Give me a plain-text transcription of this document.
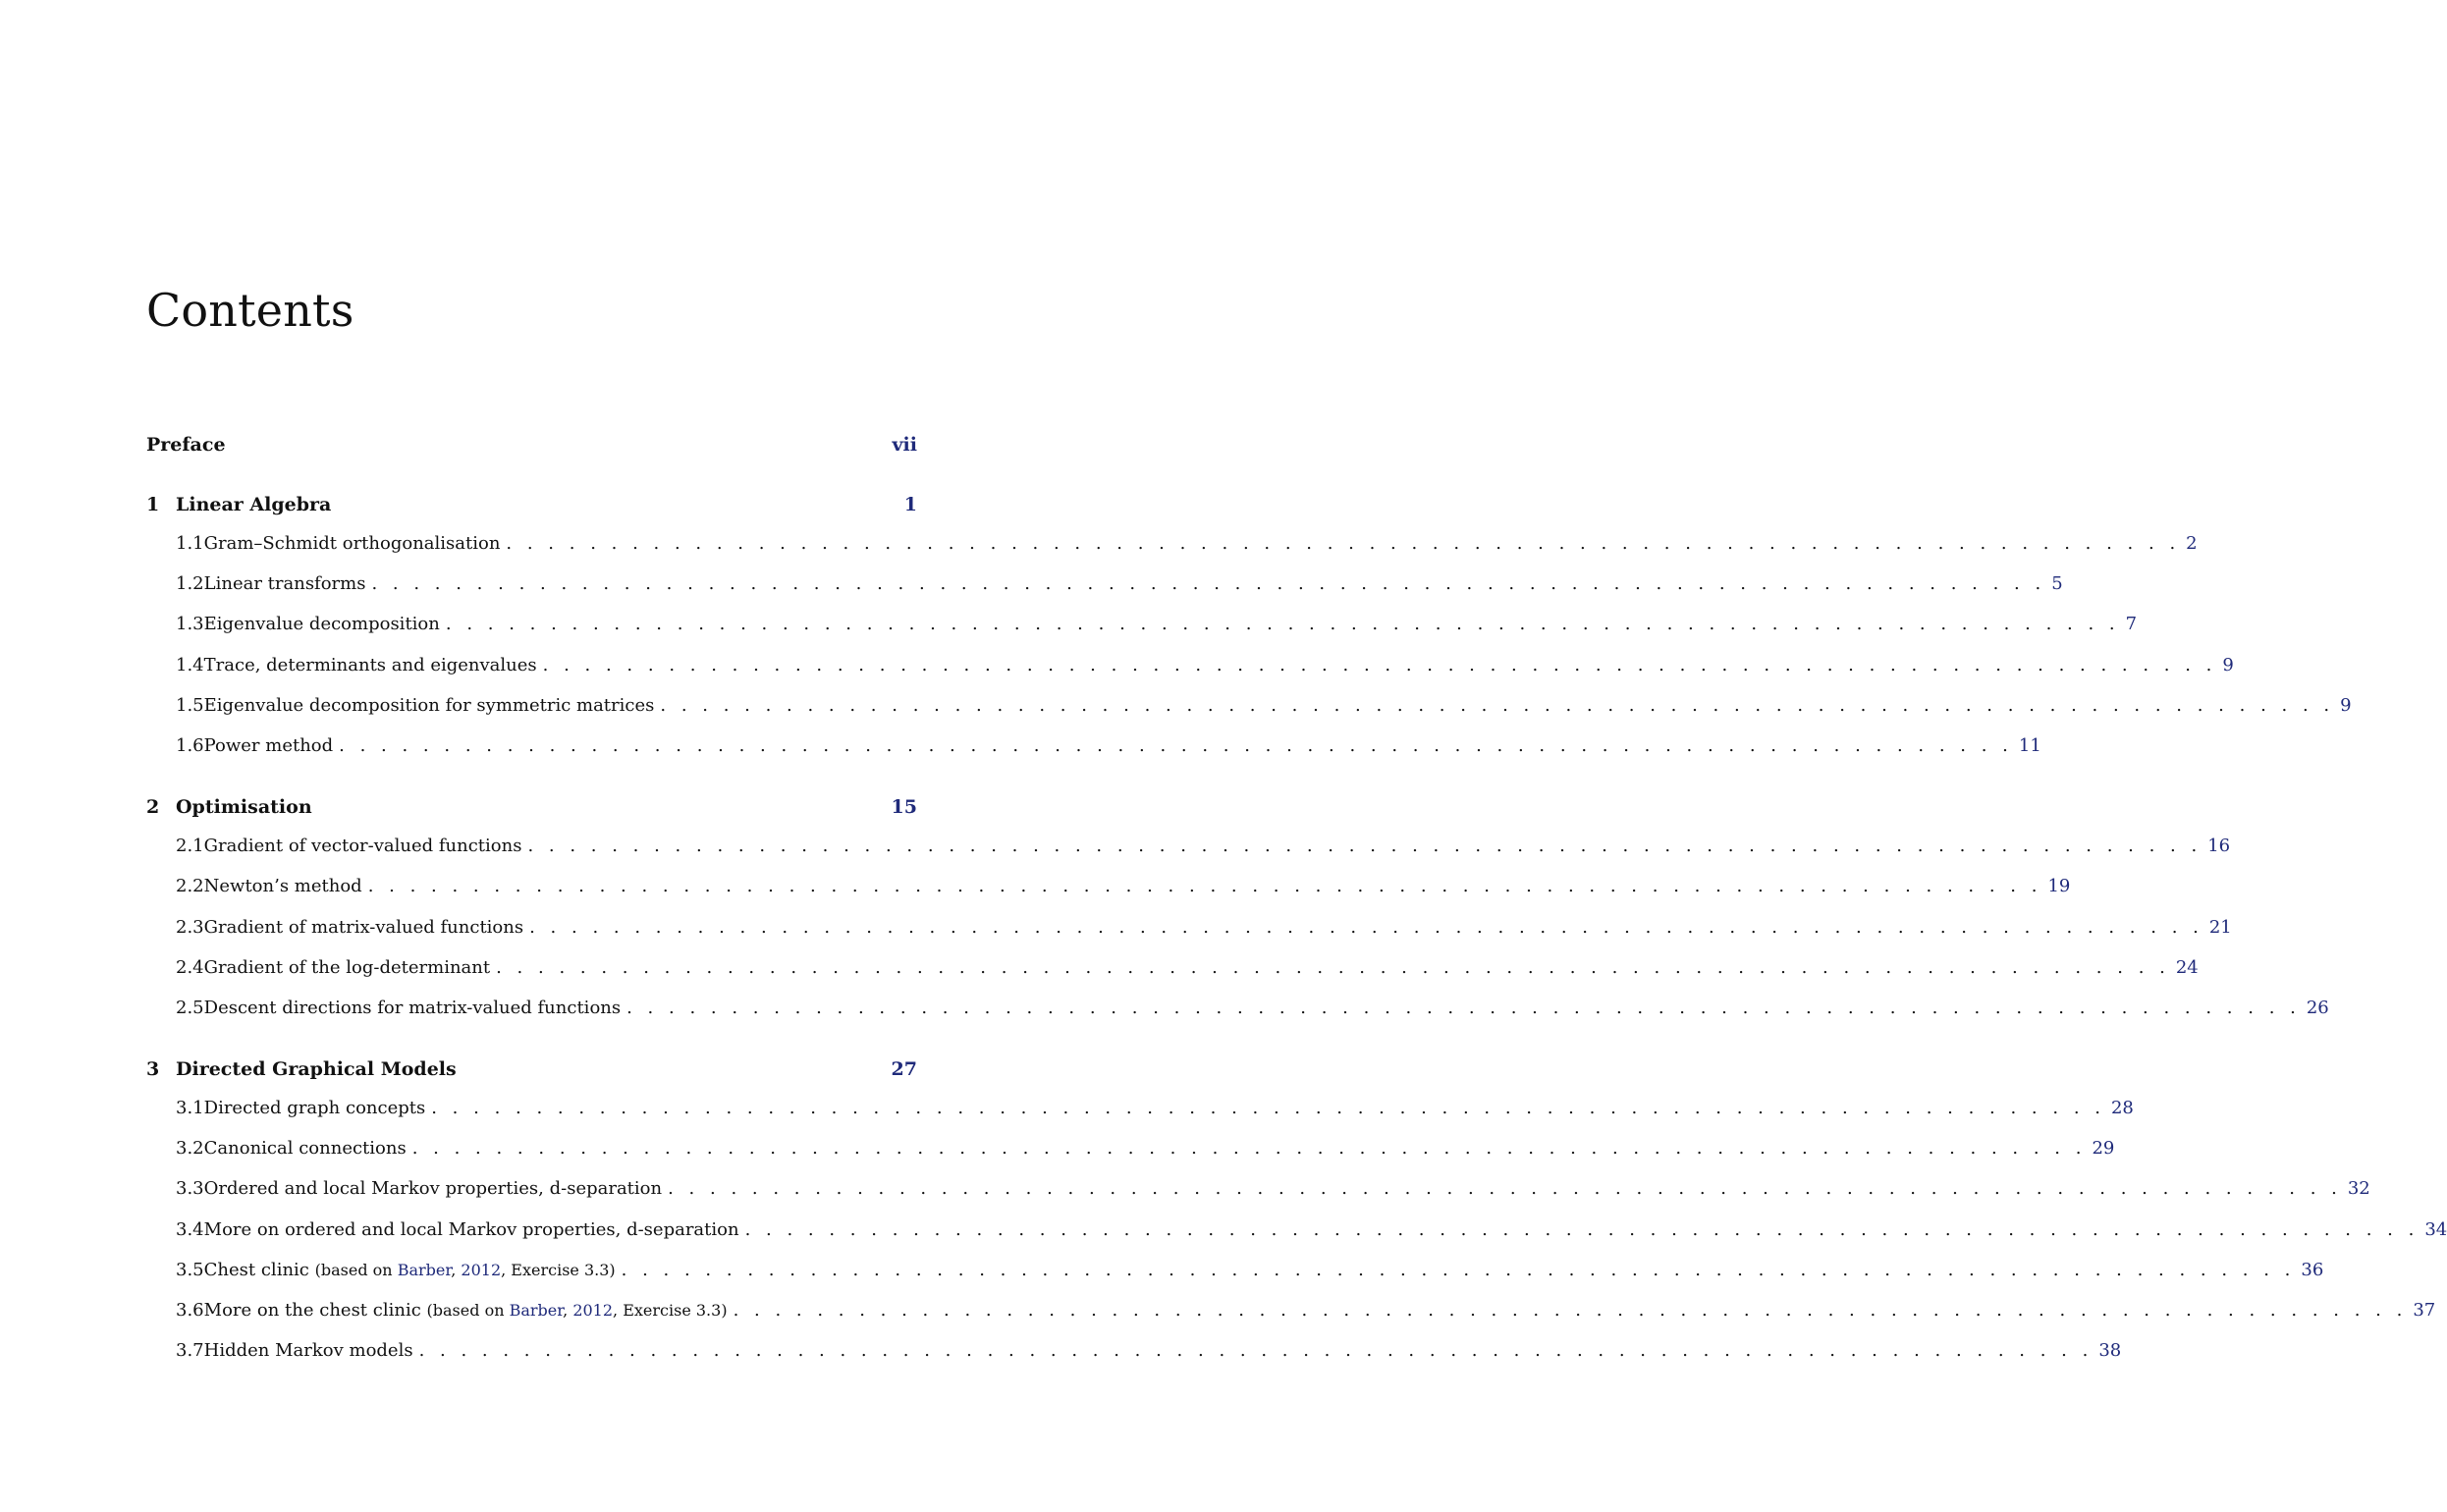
Contents
Preface	vii
1 Linear Algebra	1
1.1 Gram–Schmidt orthogonalisation . . . . . . . . . . . . . . . . . . . . . . . . . . . . . . . . . . . . . . . . . . . . . . . . . . . . . . . . . . . . . . . . . . . . . . . . . . . . . . . . 2
1.2 Linear transforms . . . . . . . . . . . . . . . . . . . . . . . . . . . . . . . . . . . . . . . . . . . . . . . . . . . . . . . . . . . . . . . . . . . . . . . . . . . . . . . . 5
1.3 Eigenvalue decomposition . . . . . . . . . . . . . . . . . . . . . . . . . . . . . . . . . . . . . . . . . . . . . . . . . . . . . . . . . . . . . . . . . . . . . . . . . . . . . . . . 7
1.4 Trace, determinants and eigenvalues . . . . . . . . . . . . . . . . . . . . . . . . . . . . . . . . . . . . . . . . . . . . . . . . . . . . . . . . . . . . . . . . . . . . . . . . . . . . . . . . 9
1.5 Eigenvalue decomposition for symmetric matrices . . . . . . . . . . . . . . . . . . . . . . . . . . . . . . . . . . . . . . . . . . . . . . . . . . . . . . . . . . . . . . . . . . . . . . . . . . . . . . . . 9
1.6 Power method . . . . . . . . . . . . . . . . . . . . . . . . . . . . . . . . . . . . . . . . . . . . . . . . . . . . . . . . . . . . . . . . . . . . . . . . . . . . . . . . 11
2 Optimisation	15
2.1 Gradient of vector-valued functions . . . . . . . . . . . . . . . . . . . . . . . . . . . . . . . . . . . . . . . . . . . . . . . . . . . . . . . . . . . . . . . . . . . . . . . . . . . . . . . . 16
2.2 Newton’s method . . . . . . . . . . . . . . . . . . . . . . . . . . . . . . . . . . . . . . . . . . . . . . . . . . . . . . . . . . . . . . . . . . . . . . . . . . . . . . . . 19
2.3 Gradient of matrix-valued functions . . . . . . . . . . . . . . . . . . . . . . . . . . . . . . . . . . . . . . . . . . . . . . . . . . . . . . . . . . . . . . . . . . . . . . . . . . . . . . . . 21
2.4 Gradient of the log-determinant . . . . . . . . . . . . . . . . . . . . . . . . . . . . . . . . . . . . . . . . . . . . . . . . . . . . . . . . . . . . . . . . . . . . . . . . . . . . . . . . 24
2.5 Descent directions for matrix-valued functions . . . . . . . . . . . . . . . . . . . . . . . . . . . . . . . . . . . . . . . . . . . . . . . . . . . . . . . . . . . . . . . . . . . . . . . . . . . . . . . . 26
3 Directed Graphical Models	27
3.1 Directed graph concepts . . . . . . . . . . . . . . . . . . . . . . . . . . . . . . . . . . . . . . . . . . . . . . . . . . . . . . . . . . . . . . . . . . . . . . . . . . . . . . . . 28
3.2 Canonical connections . . . . . . . . . . . . . . . . . . . . . . . . . . . . . . . . . . . . . . . . . . . . . . . . . . . . . . . . . . . . . . . . . . . . . . . . . . . . . . . . 29
3.3 Ordered and local Markov properties, d-separation . . . . . . . . . . . . . . . . . . . . . . . . . . . . . . . . . . . . . . . . . . . . . . . . . . . . . . . . . . . . . . . . . . . . . . . . . . . . . . . . 32
3.4 More on ordered and local Markov properties, d-separation . . . . . . . . . . . . . . . . . . . . . . . . . . . . . . . . . . . . . . . . . . . . . . . . . . . . . . . . . . . . . . . . . . . . . . . . . . . . . . . . 34
3.5 Chest clinic (based on Barber, 2012, Exercise 3.3) . . . . . . . . . . . . . . . . . . . . . . . . . . . . . . . . . . . . . . . . . . . . . . . . . . . . . . . . . . . . . . . . . . . . . . . . . . . . . . . . 36
3.6 More on the chest clinic (based on Barber, 2012, Exercise 3.3) . . . . . . . . . . . . . . . . . . . . . . . . . . . . . . . . . . . . . . . . . . . . . . . . . . . . . . . . . . . . . . . . . . . . . . . . . . . . . . . . 37
3.7 Hidden Markov models . . . . . . . . . . . . . . . . . . . . . . . . . . . . . . . . . . . . . . . . . . . . . . . . . . . . . . . . . . . . . . . . . . . . . . . . . . . . . . . . 38
